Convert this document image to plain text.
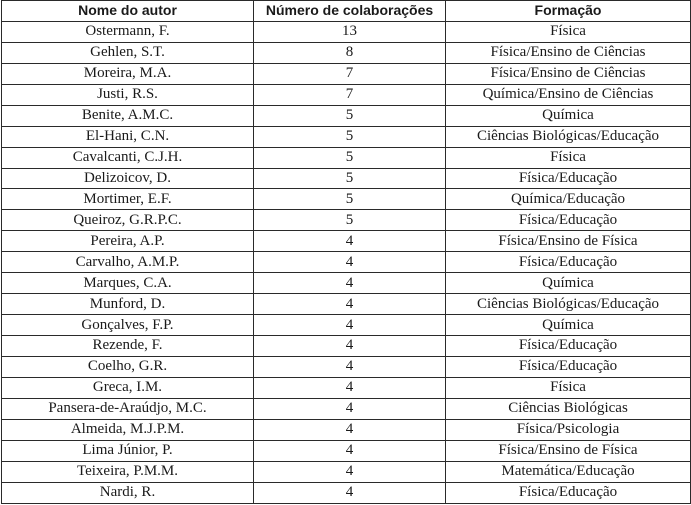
Nome do autor	Número de colaborações	Formação
Ostermann, F.	13	Física
Gehlen, S.T.	8	Física/Ensino de Ciências
Moreira, M.A.	7	Física/Ensino de Ciências
Justi, R.S.	7	Química/Ensino de Ciências
Benite, A.M.C.	5	Química
El-Hani, C.N.	5	Ciências Biológicas/Educação
Cavalcanti, C.J.H.	5	Física
Delizoicov, D.	5	Física/Educação
Mortimer, E.F.	5	Química/Educação
Queiroz, G.R.P.C.	5	Física/Educação
Pereira, A.P.	4	Física/Ensino de Física
Carvalho, A.M.P.	4	Física/Educação
Marques, C.A.	4	Química
Munford, D.	4	Ciências Biológicas/Educação
Gonçalves, F.P.	4	Química
Rezende, F.	4	Física/Educação
Coelho, G.R.	4	Física/Educação
Greca, I.M.	4	Física
Pansera-de-Araúdjo, M.C.	4	Ciências Biológicas
Almeida, M.J.P.M.	4	Física/Psicologia
Lima Júnior, P.	4	Física/Ensino de Física
Teixeira, P.M.M.	4	Matemática/Educação
Nardi, R.	4	Física/Educação
